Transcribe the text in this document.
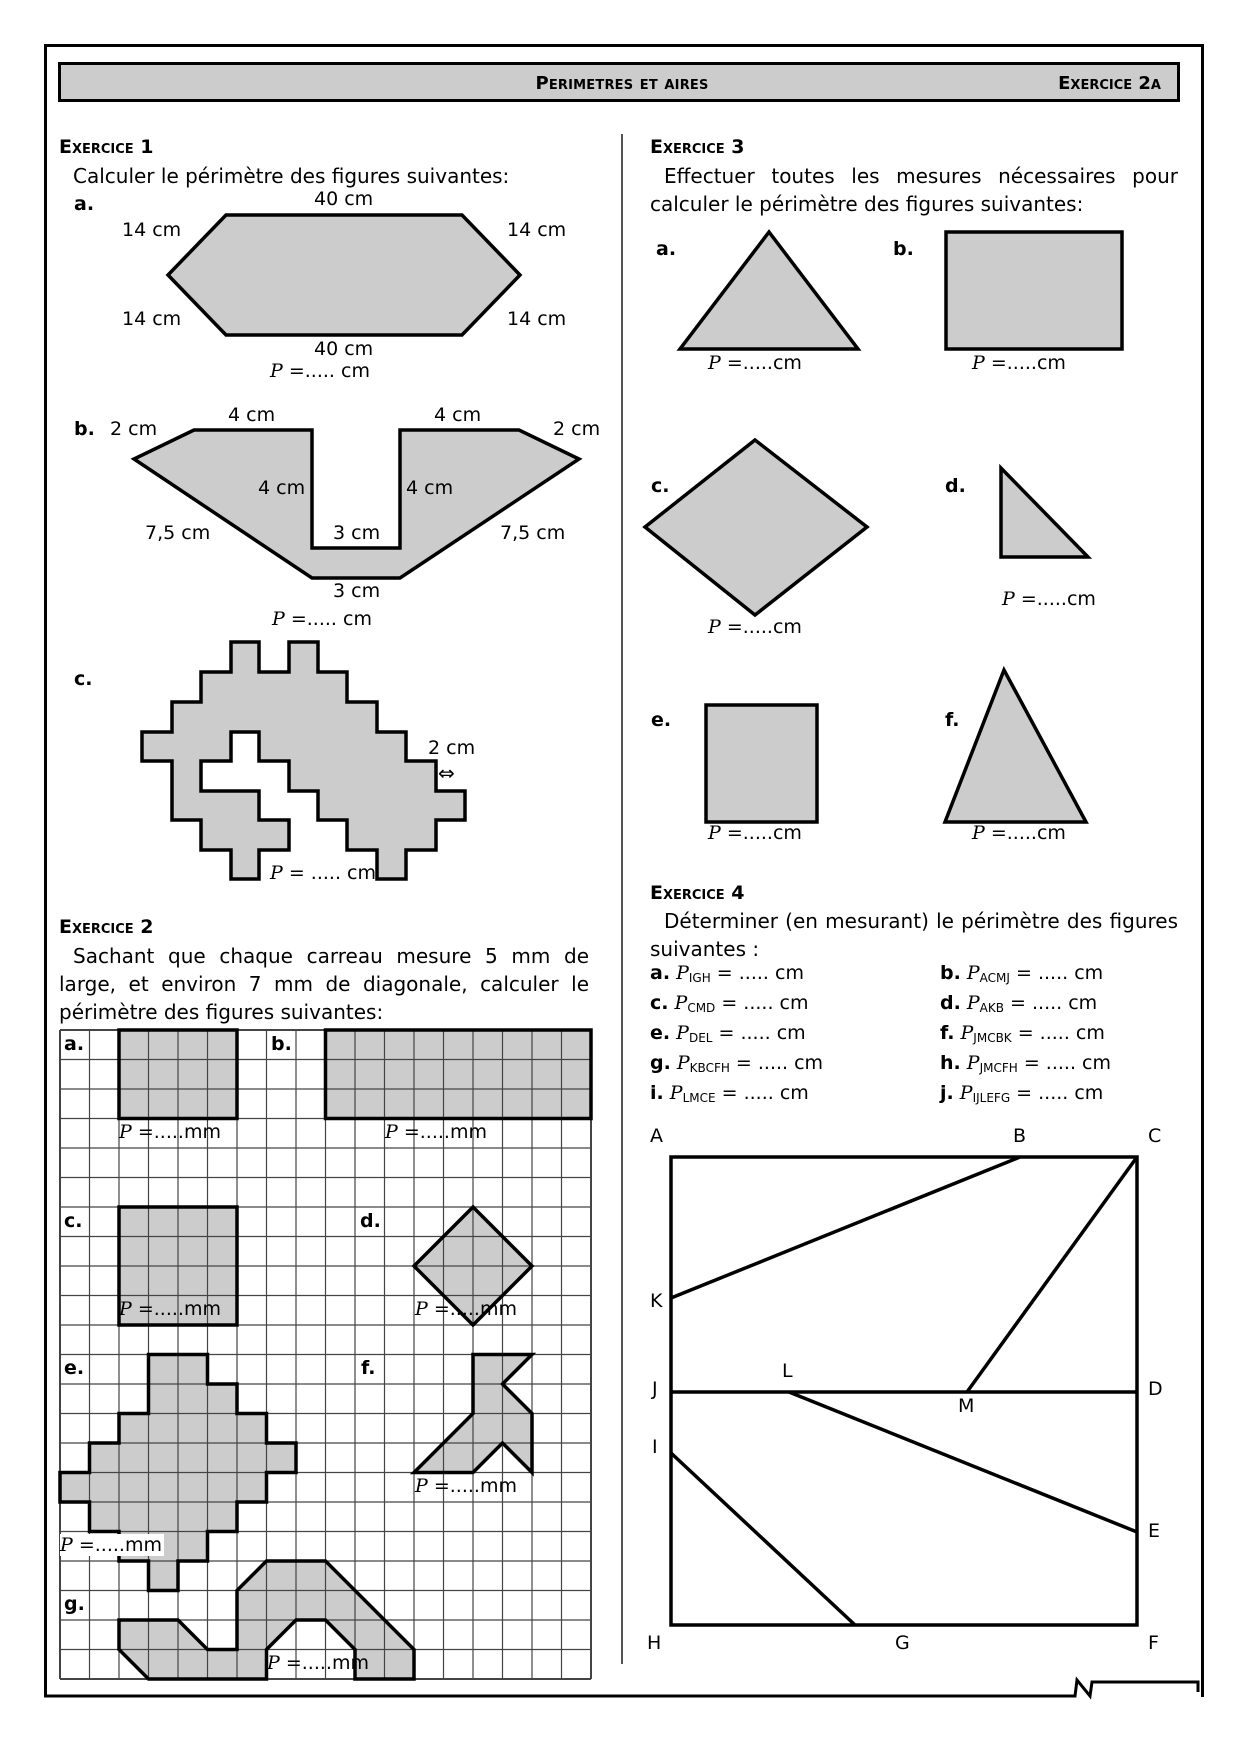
Perimetres et aires	Exercice 2a
Exercice 1
Calculer le périmètre des figures suivantes:
a.	40 cm
14 cm	14 cm
14 cm	14 cm
40 cm
P =..... cm
b. 2 cm
4 cm	4 cm
2 cm
4 cm	4 cm
3 cm
7,5 cm	7,5 cm
3 cm
P =..... cm
c.
2 cm
⇔
P = ..... cm
Exercice 2
Sachant que chaque carreau mesure 5 mm de large, et environ 7 mm de diagonale, calculer le périmètre des figures suivantes:
a.	b.
c.	d.
e.	f.
g.
P =.....mm	P =.....mm
P =.....mm	P =.....mm
P =.....mm
P =.....mm
P =.....mm
Exercice 3
Effectuer toutes les mesures nécessaires pour calculer le périmètre des figures suivantes:
a.	b.
c.	d.
e.	f.
P =.....cm	P =.....cm
P =.....cm
P =.....cm
P =.....cm	P =.....cm
Exercice 4
Déterminer (en mesurant) le périmètre des figures suivantes :
a. $P_{IGH}$ = ..... cm	b. $P_{ACMJ}$ = ..... cm
c. $P_{CMD}$ = ..... cm	d. $P_{AKB}$ = ..... cm
e. $P_{DEL}$ = ..... cm	f. $P_{JMCBK}$ = ..... cm
g. $P_{KBCFH}$ = ..... cm	h. $P_{JMCFH}$ = ..... cm
i. $P_{LMCE}$ = ..... cm	j. $P_{IJLEFG}$ = ..... cm
A	B	C
K
J
L
M
D
I
E
H	G	F
